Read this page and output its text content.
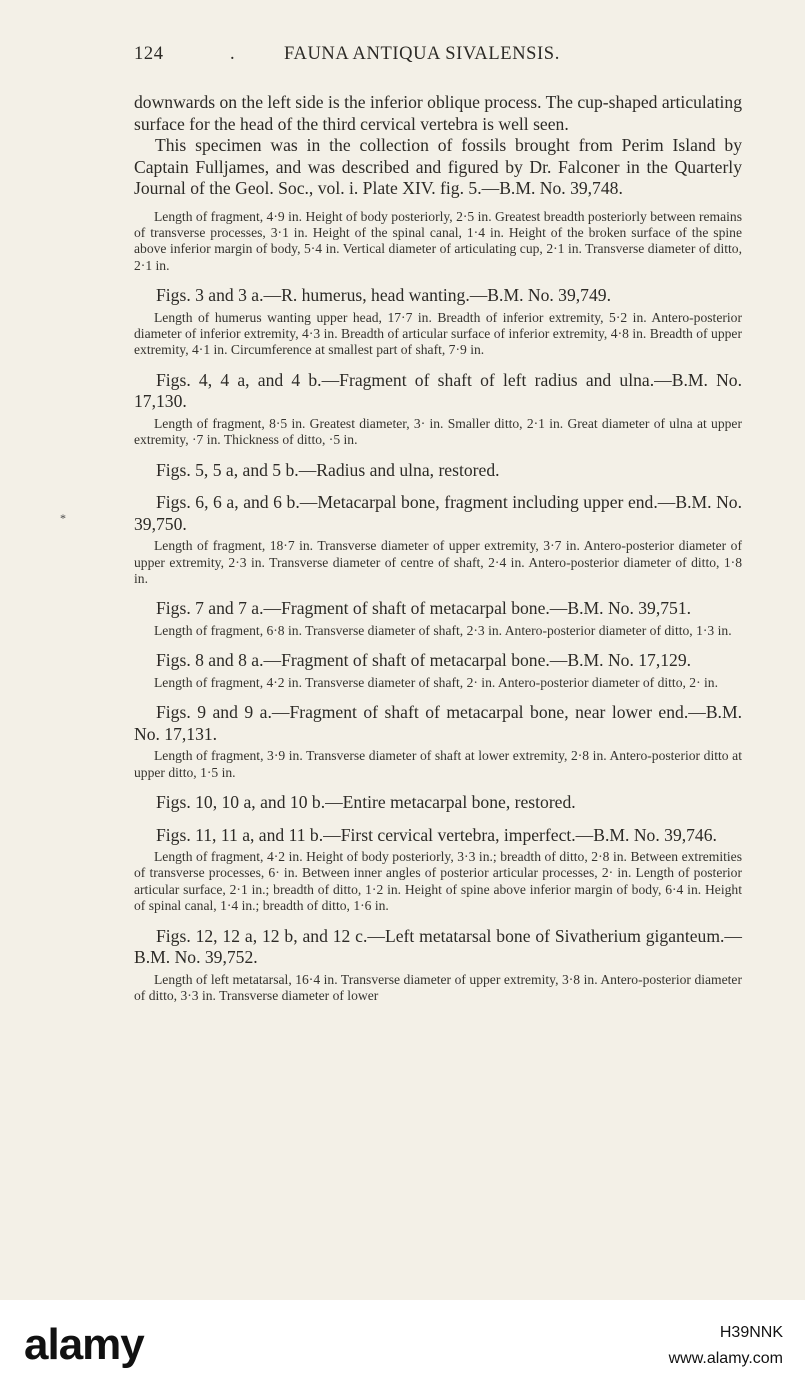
124	.	FAUNA ANTIQUA SIVALENSIS.
*

downwards on the left side is the inferior oblique process. The cup-shaped articulating surface for the head of the third cervical vertebra is well seen.

This specimen was in the collection of fossils brought from Perim Island by Captain Fulljames, and was described and figured by Dr. Falconer in the Quarterly Journal of the Geol. Soc., vol. i. Plate XIV. fig. 5.—B.M. No. 39,748.

Length of fragment, 4·9 in. Height of body posteriorly, 2·5 in. Greatest breadth posteriorly between remains of transverse processes, 3·1 in. Height of the spinal canal, 1·4 in. Height of the broken surface of the spine above inferior margin of body, 5·4 in. Vertical diameter of articulating cup, 2·1 in. Transverse diameter of ditto, 2·1 in.

Figs. 3 and 3 a.—R. humerus, head wanting.—B.M. No. 39,749.

Length of humerus wanting upper head, 17·7 in. Breadth of inferior extremity, 5·2 in. Antero-posterior diameter of inferior extremity, 4·3 in. Breadth of articular surface of inferior extremity, 4·8 in. Breadth of upper extremity, 4·1 in. Circumference at smallest part of shaft, 7·9 in.

Figs. 4, 4 a, and 4 b.—Fragment of shaft of left radius and ulna.—B.M. No. 17,130.

Length of fragment, 8·5 in. Greatest diameter, 3· in. Smaller ditto, 2·1 in. Great diameter of ulna at upper extremity, ·7 in. Thickness of ditto, ·5 in.

Figs. 5, 5 a, and 5 b.—Radius and ulna, restored.

Figs. 6, 6 a, and 6 b.—Metacarpal bone, fragment including upper end.—B.M. No. 39,750.

Length of fragment, 18·7 in. Transverse diameter of upper extremity, 3·7 in. Antero-posterior diameter of upper extremity, 2·3 in. Transverse diameter of centre of shaft, 2·4 in. Antero-posterior diameter of ditto, 1·8 in.

Figs. 7 and 7 a.—Fragment of shaft of metacarpal bone.—B.M. No. 39,751.

Length of fragment, 6·8 in. Transverse diameter of shaft, 2·3 in. Antero-posterior diameter of ditto, 1·3 in.

Figs. 8 and 8 a.—Fragment of shaft of metacarpal bone.—B.M. No. 17,129.

Length of fragment, 4·2 in. Transverse diameter of shaft, 2· in. Antero-posterior diameter of ditto, 2· in.

Figs. 9 and 9 a.—Fragment of shaft of metacarpal bone, near lower end.—B.M. No. 17,131.

Length of fragment, 3·9 in. Transverse diameter of shaft at lower extremity, 2·8 in. Antero-posterior ditto at upper ditto, 1·5 in.

Figs. 10, 10 a, and 10 b.—Entire metacarpal bone, restored.

Figs. 11, 11 a, and 11 b.—First cervical vertebra, imperfect.—B.M. No. 39,746.

Length of fragment, 4·2 in. Height of body posteriorly, 3·3 in.; breadth of ditto, 2·8 in. Between extremities of transverse processes, 6· in. Between inner angles of posterior articular processes, 2· in. Length of posterior articular surface, 2·1 in.; breadth of ditto, 1·2 in. Height of spine above inferior margin of body, 6·4 in. Height of spinal canal, 1·4 in.; breadth of ditto, 1·6 in.

Figs. 12, 12 a, 12 b, and 12 c.—Left metatarsal bone of Sivatherium giganteum.—B.M. No. 39,752.

Length of left metatarsal, 16·4 in. Transverse diameter of upper extremity, 3·8 in. Antero-posterior diameter of ditto, 3·3 in. Transverse diameter of lower

alamy	H39NNK
www.alamy.com
